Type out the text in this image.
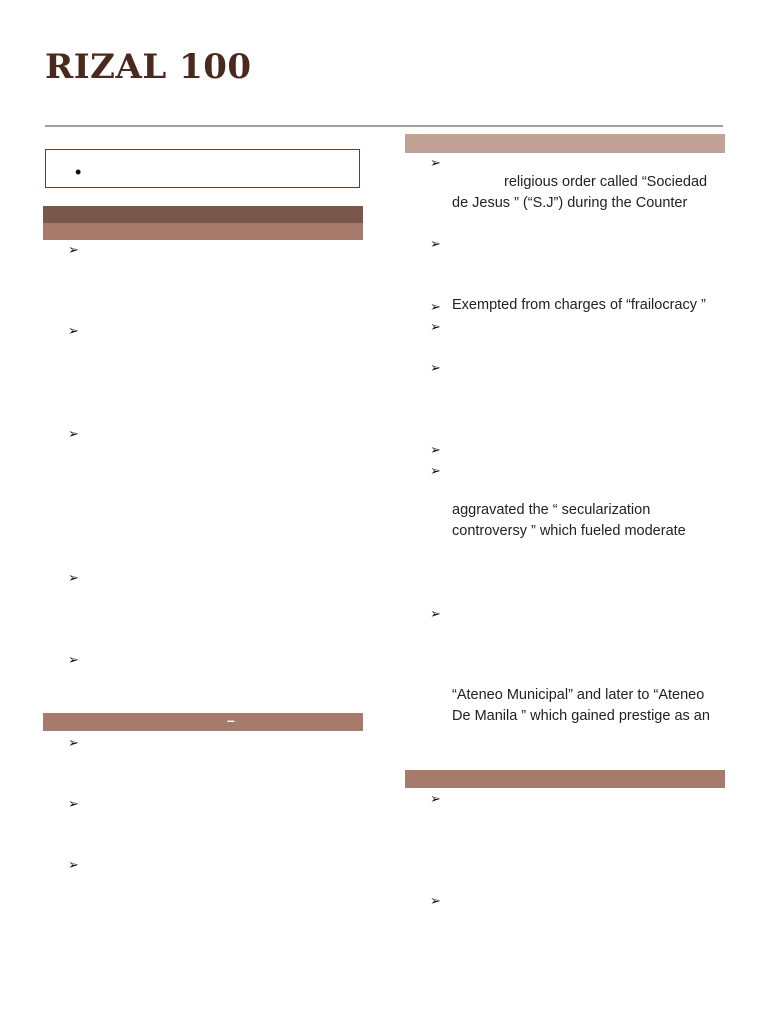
RIZAL 100
•
➢
➢
➢
➢
➢
–
➢
➢
➢
➢
religious order called “Sociedad
de Jesus ” (“S.J”) during the Counter
➢
➢ Exempted from charges of “frailocracy ”
➢
➢
➢
➢
aggravated the “ secularization
controversy ” which fueled moderate
➢
“Ateneo Municipal” and later to “Ateneo
De Manila ” which gained prestige as an
➢
➢
